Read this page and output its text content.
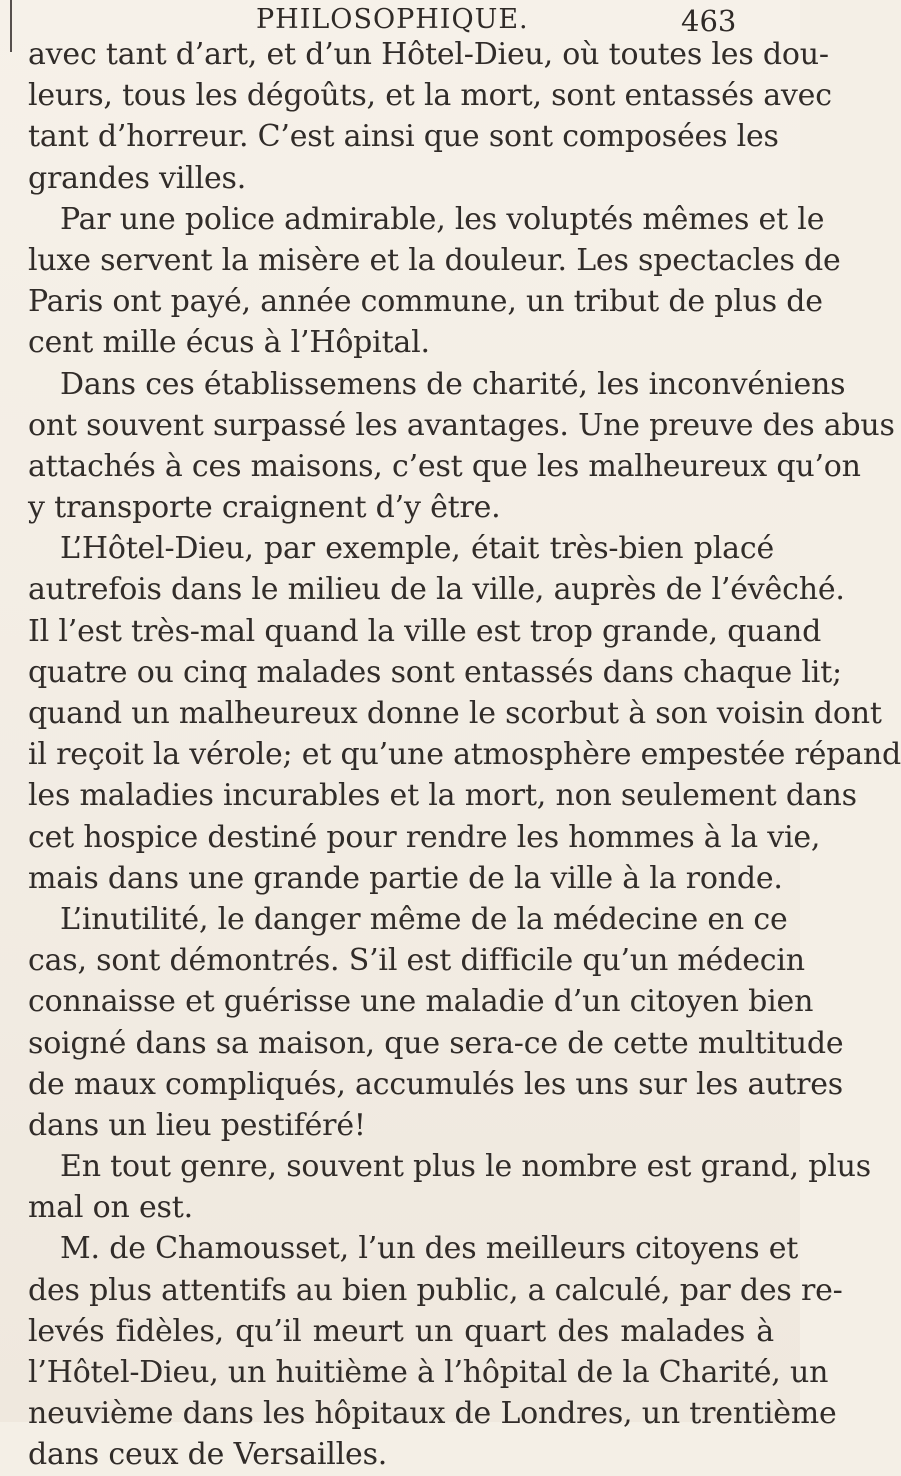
PHILOSOPHIQUE.	463
avec tant d’art, et d’un Hôtel-Dieu, où toutes les dou-
leurs, tous les dégoûts, et la mort, sont entassés avec
tant d’horreur. C’est ainsi que sont composées les
grandes villes.
Par une police admirable, les voluptés mêmes et le
luxe servent la misère et la douleur. Les spectacles de
Paris ont payé, année commune, un tribut de plus de
cent mille écus à l’Hôpital.
Dans ces établissemens de charité, les inconvéniens
ont souvent surpassé les avantages. Une preuve des abus
attachés à ces maisons, c’est que les malheureux qu’on
y transporte craignent d’y être.
L’Hôtel-Dieu, par exemple, était très-bien placé
autrefois dans le milieu de la ville, auprès de l’évêché.
Il l’est très-mal quand la ville est trop grande, quand
quatre ou cinq malades sont entassés dans chaque lit;
quand un malheureux donne le scorbut à son voisin dont
il reçoit la vérole; et qu’une atmosphère empestée répand
les maladies incurables et la mort, non seulement dans
cet hospice destiné pour rendre les hommes à la vie,
mais dans une grande partie de la ville à la ronde.
L’inutilité, le danger même de la médecine en ce
cas, sont démontrés. S’il est difficile qu’un médecin
connaisse et guérisse une maladie d’un citoyen bien
soigné dans sa maison, que sera-ce de cette multitude
de maux compliqués, accumulés les uns sur les autres
dans un lieu pestiféré!
En tout genre, souvent plus le nombre est grand, plus
mal on est.
M. de Chamousset, l’un des meilleurs citoyens et
des plus attentifs au bien public, a calculé, par des re-
levés fidèles, qu’il meurt un quart des malades à
l’Hôtel-Dieu, un huitième à l’hôpital de la Charité, un
neuvième dans les hôpitaux de Londres, un trentième
dans ceux de Versailles.
